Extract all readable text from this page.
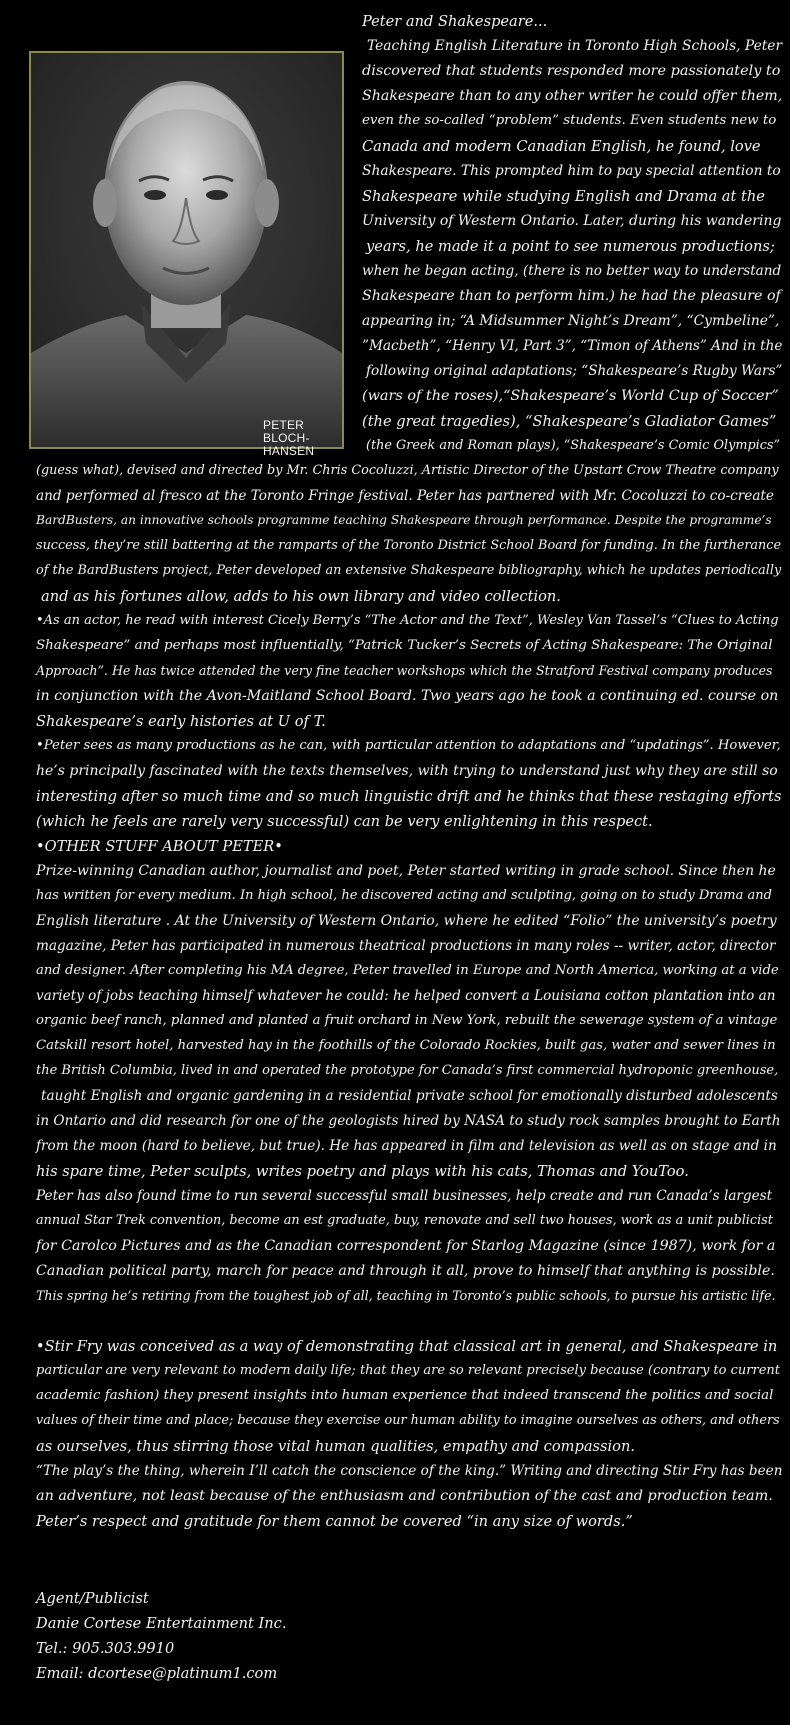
PETER
BLOCH-HANSEN
Peter and Shakespeare...
Teaching English Literature in Toronto High Schools, Peter
discovered that students responded more passionately to
Shakespeare than to any other writer he could offer them,
even the so-called “problem” students. Even students new to
Canada and modern Canadian English, he found, love
Shakespeare. This prompted him to pay special attention to
Shakespeare while studying English and Drama at the
University of Western Ontario. Later, during his wandering
years, he made it a point to see numerous productions;
when he began acting, (there is no better way to understand
Shakespeare than to perform him.) he had the pleasure of
appearing in; “A Midsummer Night’s Dream”, “Cymbeline”,
”Macbeth”, “Henry VI, Part 3”, “Timon of Athens” And in the
following original adaptations; “Shakespeare’s Rugby Wars”
(wars of the roses),“Shakespeare’s World Cup of Soccer”
(the great tragedies), “Shakespeare’s Gladiator Games”
(the Greek and Roman plays), “Shakespeare’s Comic Olympics”
(guess what), devised and directed by Mr. Chris Cocoluzzi, Artistic Director of the Upstart Crow Theatre company
and performed al fresco at the Toronto Fringe festival. Peter has partnered with Mr. Cocoluzzi to co-create
BardBusters, an innovative schools programme teaching Shakespeare through performance. Despite the programme’s
success, they’re still battering at the ramparts of the Toronto District School Board for funding. In the furtherance
of the BardBusters project, Peter developed an extensive Shakespeare bibliography, which he updates periodically
and as his fortunes allow, adds to his own library and video collection.
•As an actor, he read with interest Cicely Berry’s “The Actor and the Text”, Wesley Van Tassel’s “Clues to Acting
Shakespeare” and perhaps most influentially, “Patrick Tucker’s Secrets of Acting Shakespeare: The Original
Approach”. He has twice attended the very fine teacher workshops which the Stratford Festival company produces
in conjunction with the Avon-Maitland School Board. Two years ago he took a continuing ed. course on
Shakespeare’s early histories at U of T.
•Peter sees as many productions as he can, with particular attention to adaptations and “updatings”. However,
he’s principally fascinated with the texts themselves, with trying to understand just why they are still so
interesting after so much time and so much linguistic drift and he thinks that these restaging efforts
(which he feels are rarely very successful) can be very enlightening in this respect.
•OTHER STUFF ABOUT PETER•
Prize-winning Canadian author, journalist and poet, Peter started writing in grade school. Since then he
has written for every medium. In high school, he discovered acting and sculpting, going on to study Drama and
English literature . At the University of Western Ontario, where he edited “Folio” the university’s poetry
magazine, Peter has participated in numerous theatrical productions in many roles -- writer, actor, director
and designer. After completing his MA degree, Peter travelled in Europe and North America, working at a vide
variety of jobs teaching himself whatever he could: he helped convert a Louisiana cotton plantation into an
organic beef ranch, planned and planted a fruit orchard in New York, rebuilt the sewerage system of a vintage
Catskill resort hotel, harvested hay in the foothills of the Colorado Rockies, built gas, water and sewer lines in
the British Columbia, lived in and operated the prototype for Canada’s first commercial hydroponic greenhouse,
taught English and organic gardening in a residential private school for emotionally disturbed adolescents
in Ontario and did research for one of the geologists hired by NASA to study rock samples brought to Earth
from the moon (hard to believe, but true). He has appeared in film and television as well as on stage and in
his spare time, Peter sculpts, writes poetry and plays with his cats, Thomas and YouToo.
Peter has also found time to run several successful small businesses, help create and run Canada’s largest
annual Star Trek convention, become an est graduate, buy, renovate and sell two houses, work as a unit publicist
for Carolco Pictures and as the Canadian correspondent for Starlog Magazine (since 1987), work for a
Canadian political party, march for peace and through it all, prove to himself that anything is possible.
This spring he’s retiring from the toughest job of all, teaching in Toronto’s public schools, to pursue his artistic life.
•Stir Fry was conceived as a way of demonstrating that classical art in general, and Shakespeare in
particular are very relevant to modern daily life; that they are so relevant precisely because (contrary to current
academic fashion) they present insights into human experience that indeed transcend the politics and social
values of their time and place; because they exercise our human ability to imagine ourselves as others, and others
as ourselves, thus stirring those vital human qualities, empathy and compassion.
“The play’s the thing, wherein I’ll catch the conscience of the king.” Writing and directing Stir Fry has been
an adventure, not least because of the enthusiasm and contribution of the cast and production team.
Peter’s respect and gratitude for them cannot be covered “in any size of words.”
Agent/Publicist
Danie Cortese Entertainment Inc.
Tel.: 905.303.9910
Email: dcortese@platinum1.com
